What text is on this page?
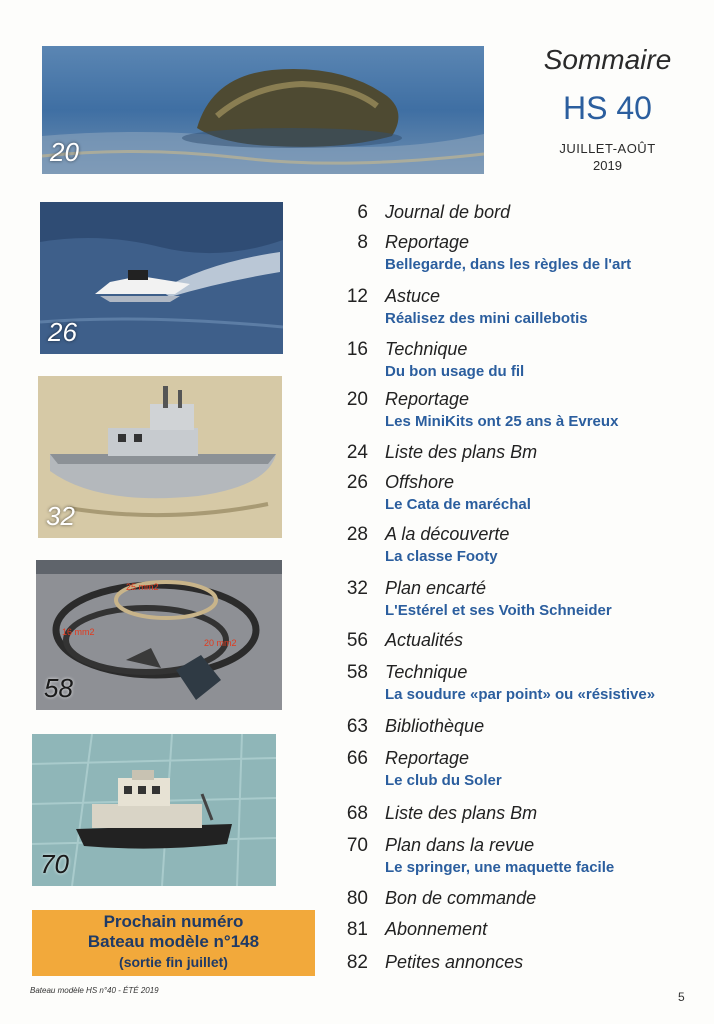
Sommaire
HS 40
JUILLET-AOÛT
2019
20
26
32
25 mm2
16 mm2
20 mm2
58
70
6 Journal de bord
8 Reportage
Bellegarde, dans les règles de l'art
12 Astuce
Réalisez des mini caillebotis
16 Technique
Du bon usage du fil
20 Reportage
Les MiniKits ont 25 ans à Evreux
24 Liste des plans Bm
26 Offshore
Le Cata de maréchal
28 A la découverte
La classe Footy
32 Plan encarté
L'Estérel et ses Voith Schneider
56 Actualités
58 Technique
La soudure «par point» ou «résistive»
63 Bibliothèque
66 Reportage
Le club du Soler
68 Liste des plans Bm
70 Plan dans la revue
Le springer, une maquette facile
80 Bon de commande
81 Abonnement
82 Petites annonces
Prochain numéro
Bateau modèle n°148
(sortie fin juillet)
Bateau modèle HS n°40 - ÉTÉ 2019	5
